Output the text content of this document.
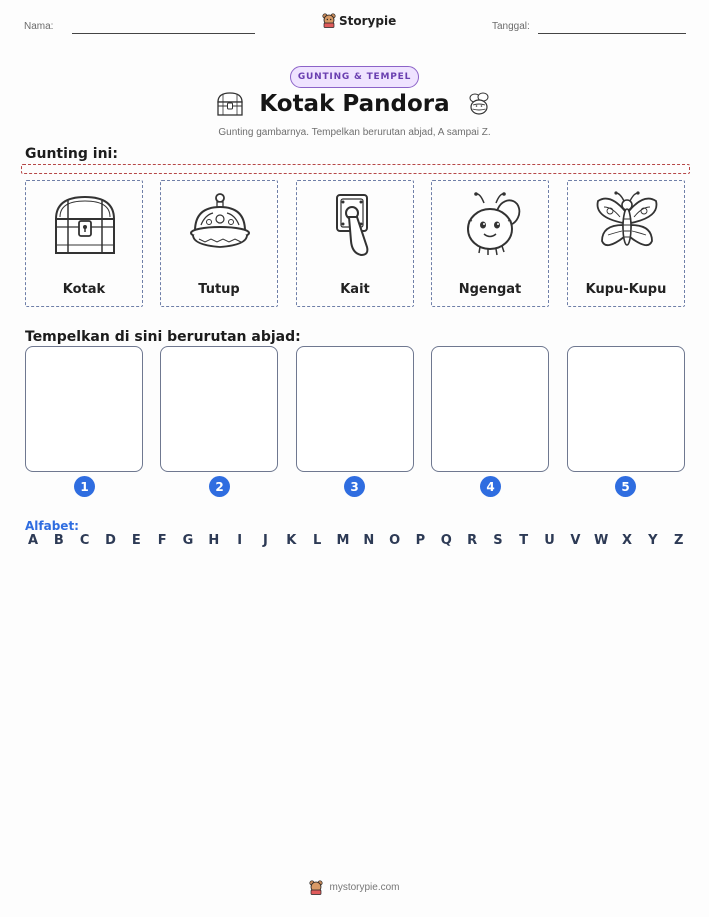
Nama:	Storypie	Tanggal:
GUNTING & TEMPEL
Kotak Pandora
Gunting gambarnya. Tempelkan berurutan abjad, A sampai Z.
Gunting ini:
Kotak	Tutup	Kait	Ngengat	Kupu-Kupu
Tempelkan di sini berurutan abjad:
1	2	3	4	5
Alfabet:
A B C D E F G H	I	J	K L M N O P Q R S T U V W X Y Z
mystorypie.com
